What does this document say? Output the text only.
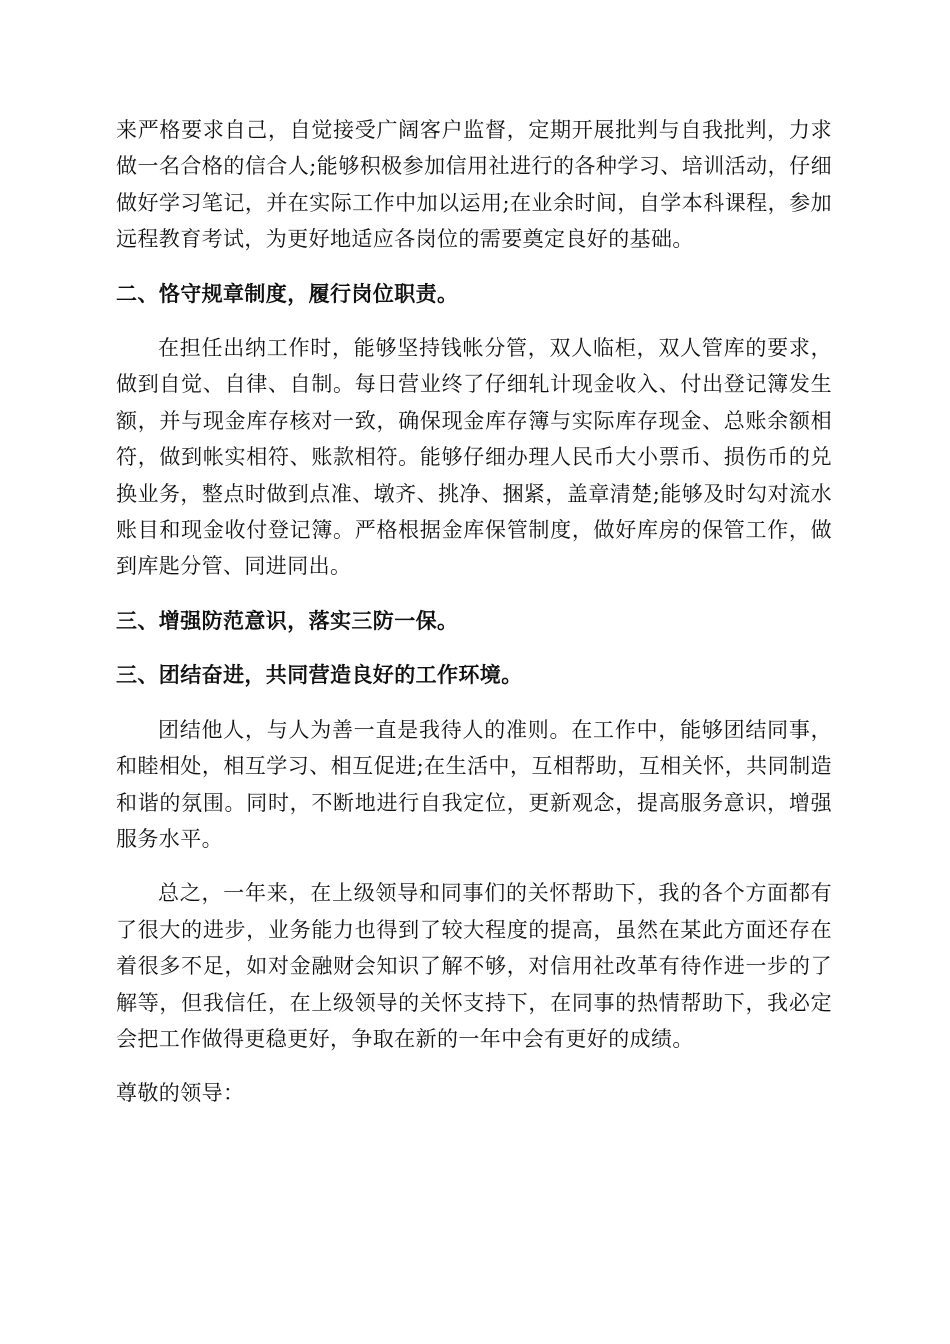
来严格要求自己，自觉接受广阔客户监督，定期开展批判与自我批判，力求做一名合格的信合人;能够积极参加信用社进行的各种学习、培训活动，仔细做好学习笔记，并在实际工作中加以运用;在业余时间，自学本科课程，参加远程教育考试，为更好地适应各岗位的需要奠定良好的基础。

二、恪守规章制度，履行岗位职责。

在担任出纳工作时，能够坚持钱帐分管，双人临柜，双人管库的要求，做到自觉、自律、自制。每日营业终了仔细轧计现金收入、付出登记簿发生额，并与现金库存核对一致，确保现金库存簿与实际库存现金、总账余额相符，做到帐实相符、账款相符。能够仔细办理人民币大小票币、损伤币的兑换业务，整点时做到点准、墩齐、挑净、捆紧，盖章清楚;能够及时勾对流水账目和现金收付登记簿。严格根据金库保管制度，做好库房的保管工作，做到库匙分管、同进同出。

三、增强防范意识，落实三防一保。

三、团结奋进，共同营造良好的工作环境。

团结他人，与人为善一直是我待人的准则。在工作中，能够团结同事，和睦相处，相互学习、相互促进;在生活中，互相帮助，互相关怀，共同制造和谐的氛围。同时，不断地进行自我定位，更新观念，提高服务意识，增强服务水平。

总之，一年来，在上级领导和同事们的关怀帮助下，我的各个方面都有了很大的进步，业务能力也得到了较大程度的提高，虽然在某此方面还存在着很多不足，如对金融财会知识了解不够，对信用社改革有待作进一步的了解等，但我信任，在上级领导的关怀支持下，在同事的热情帮助下，我必定会把工作做得更稳更好，争取在新的一年中会有更好的成绩。

尊敬的领导：
